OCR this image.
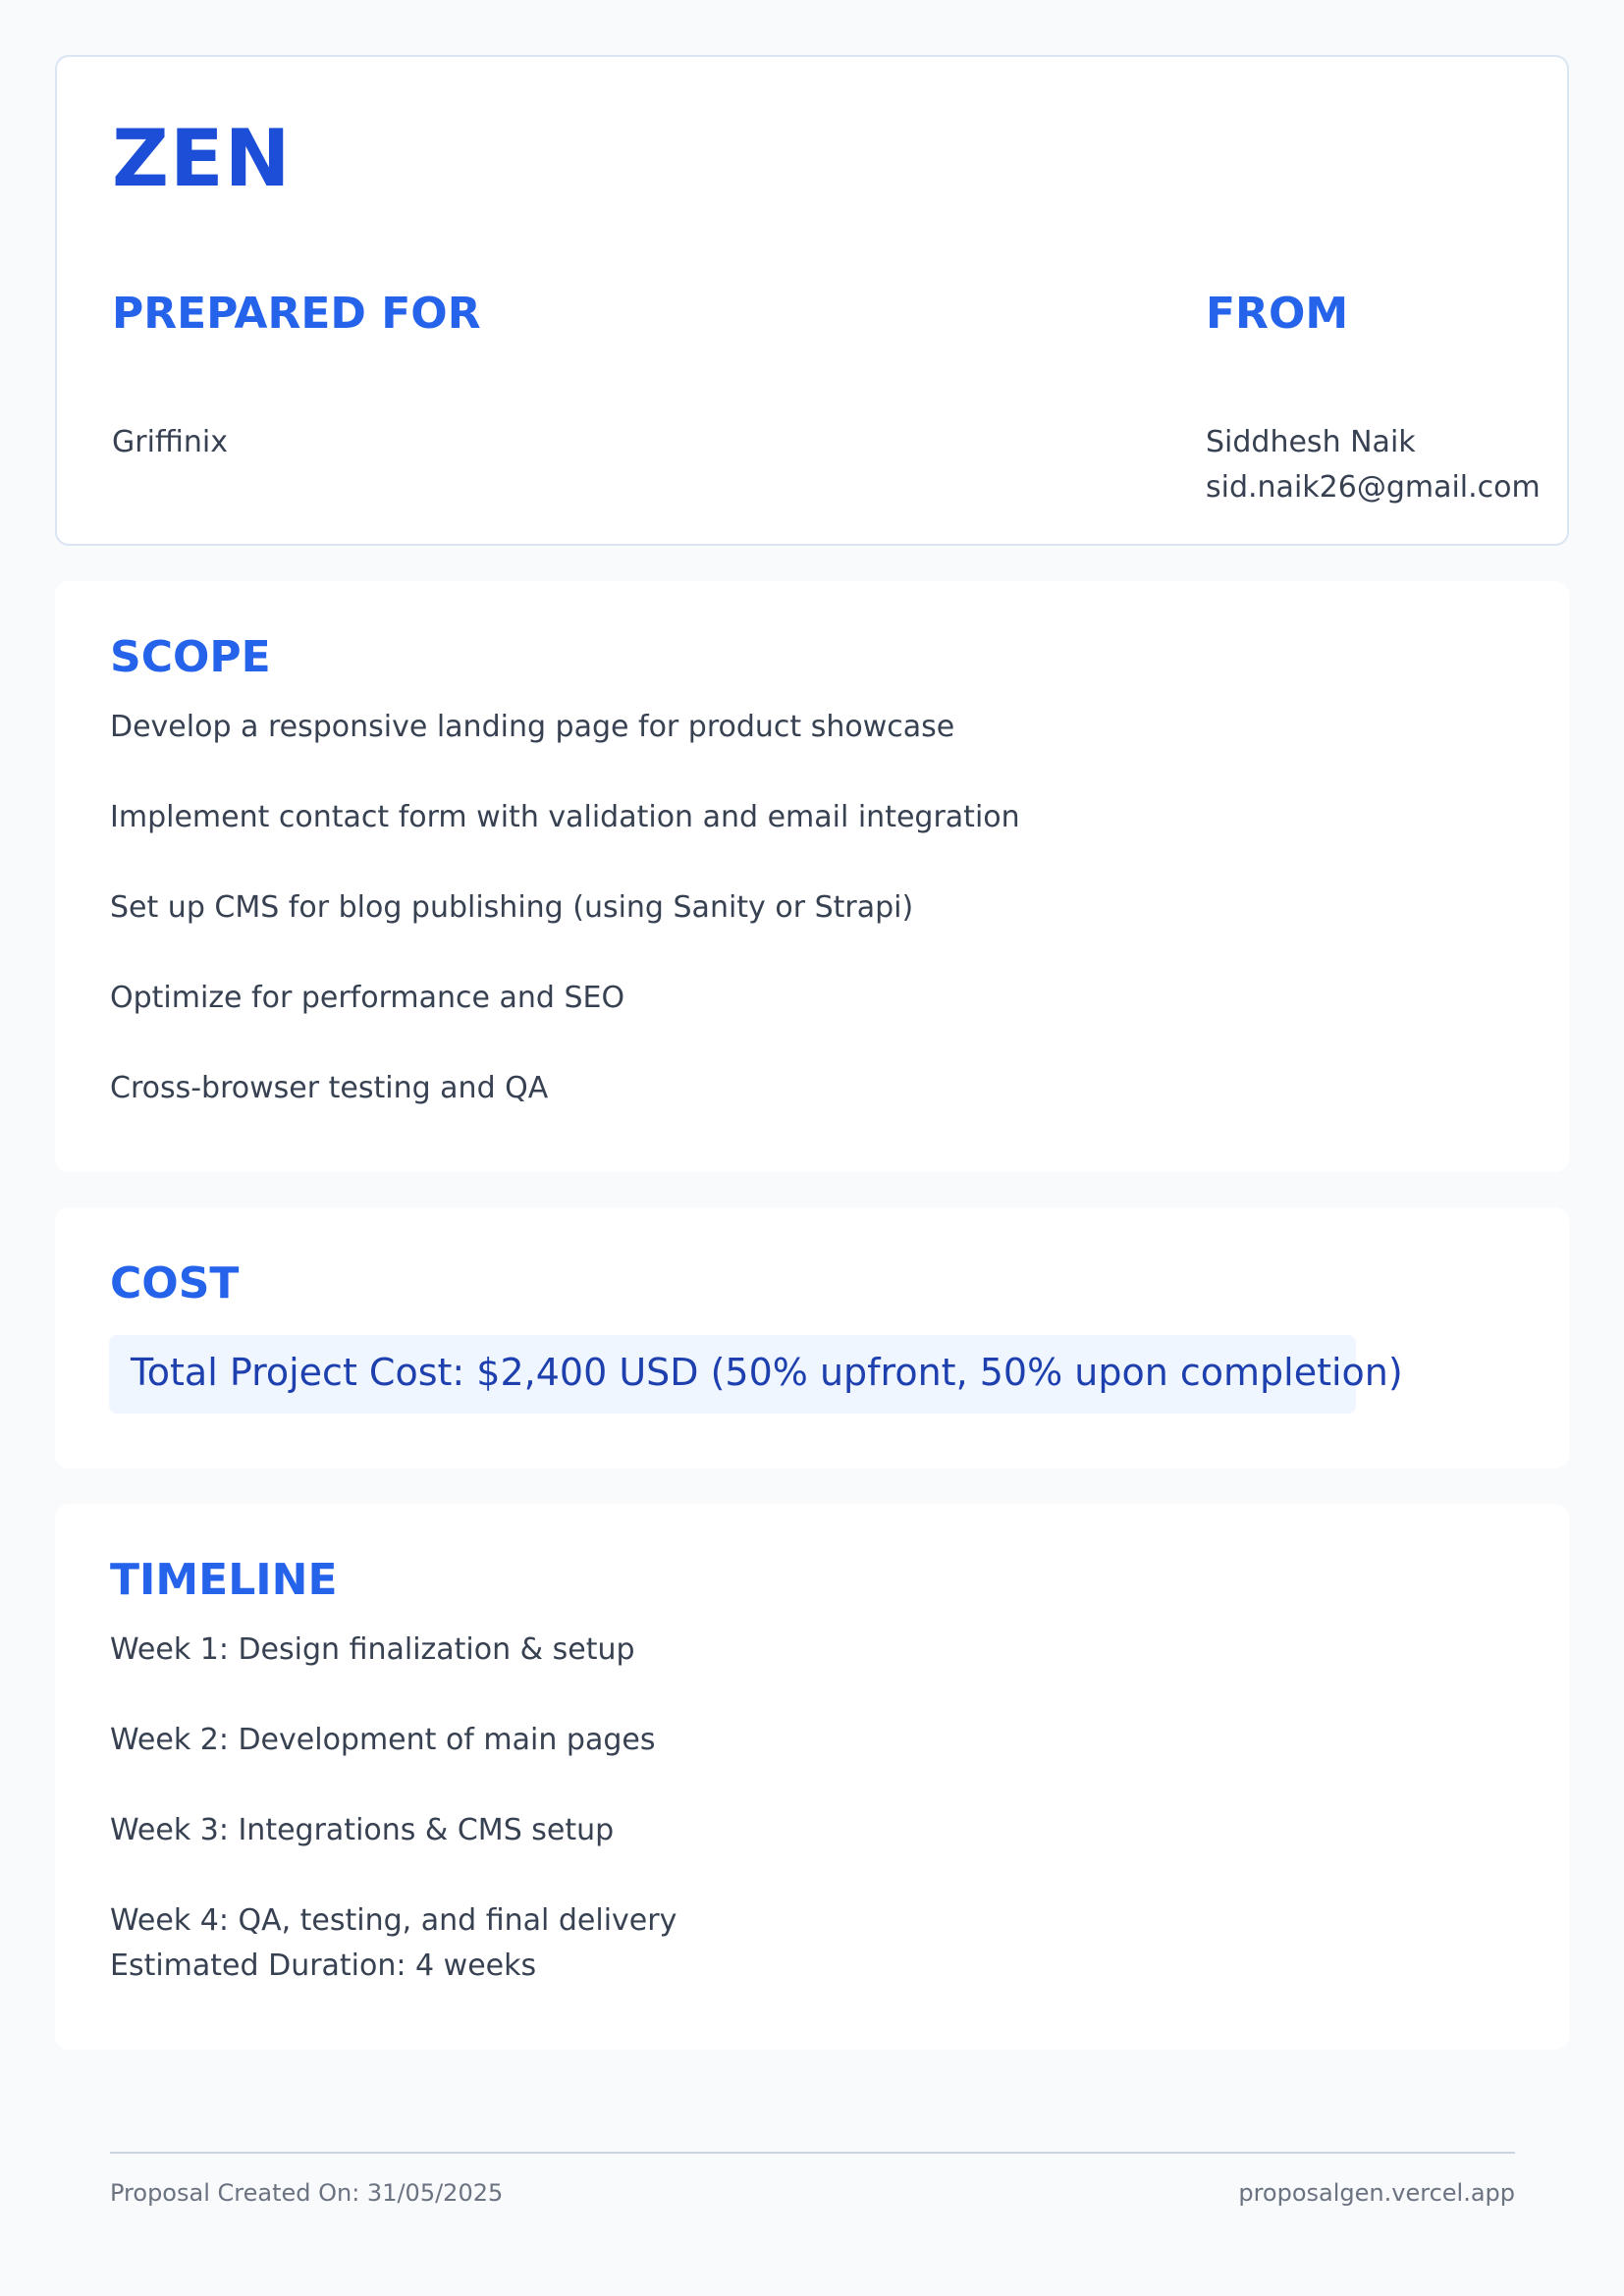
ZEN
PREPARED FOR
Griffinix
FROM
Siddhesh Naik
sid.naik26@gmail.com
SCOPE
Develop a responsive landing page for product showcase
Implement contact form with validation and email integration
Set up CMS for blog publishing (using Sanity or Strapi)
Optimize for performance and SEO
Cross-browser testing and QA
COST
Total Project Cost: $2,400 USD (50% upfront, 50% upon completion)
TIMELINE
Week 1: Design finalization & setup
Week 2: Development of main pages
Week 3: Integrations & CMS setup
Week 4: QA, testing, and final delivery
Estimated Duration: 4 weeks
Proposal Created On: 31/05/2025	proposalgen.vercel.app
